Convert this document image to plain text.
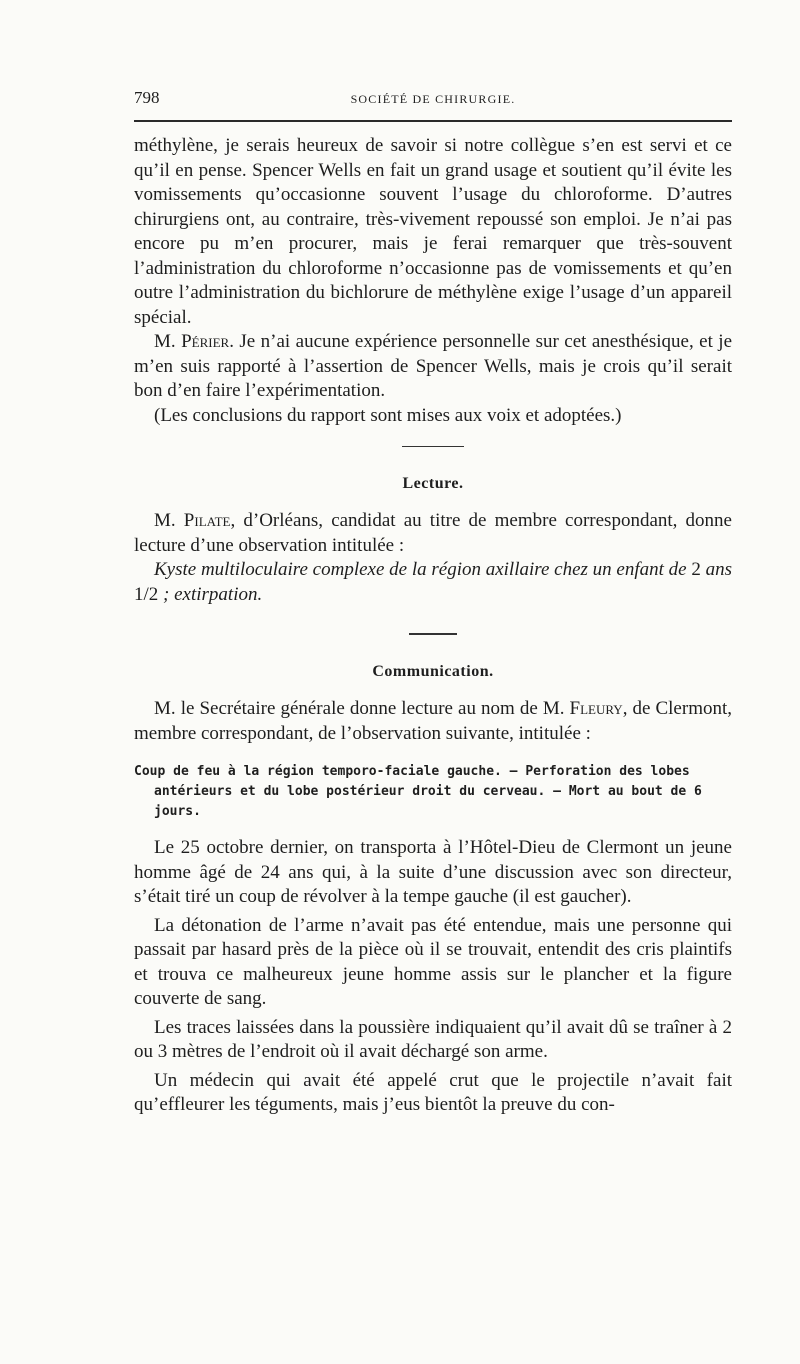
798	SOCIÉTÉ DE CHIRURGIE.

méthylène, je serais heureux de savoir si notre collègue s’en est servi et ce qu’il en pense. Spencer Wells en fait un grand usage et soutient qu’il évite les vomissements qu’occasionne souvent l’usage du chloroforme. D’autres chirurgiens ont, au contraire, très-vivement repoussé son emploi. Je n’ai pas encore pu m’en procurer, mais je ferai remarquer que très-souvent l’administration du chloroforme n’occasionne pas de vomissements et qu’en outre l’administration du bichlorure de méthylène exige l’usage d’un appareil spécial.

M. Périer. Je n’ai aucune expérience personnelle sur cet anesthésique, et je m’en suis rapporté à l’assertion de Spencer Wells, mais je crois qu’il serait bon d’en faire l’expérimentation.

(Les conclusions du rapport sont mises aux voix et adoptées.)

Lecture.

M. Pilate, d’Orléans, candidat au titre de membre correspondant, donne lecture d’une observation intitulée :

Kyste multiloculaire complexe de la région axillaire chez un enfant de 2 ans 1/2 ; extirpation.

Communication.

M. le Secrétaire générale donne lecture au nom de M. Fleury, de Clermont, membre correspondant, de l’observation suivante, intitulée :

Coup de feu à la région temporo-faciale gauche. — Perforation des lobes antérieurs et du lobe postérieur droit du cerveau. — Mort au bout de 6 jours.

Le 25 octobre dernier, on transporta à l’Hôtel-Dieu de Clermont un jeune homme âgé de 24 ans qui, à la suite d’une discussion avec son directeur, s’était tiré un coup de révolver à la tempe gauche (il est gaucher).

La détonation de l’arme n’avait pas été entendue, mais une personne qui passait par hasard près de la pièce où il se trouvait, entendit des cris plaintifs et trouva ce malheureux jeune homme assis sur le plancher et la figure couverte de sang.

Les traces laissées dans la poussière indiquaient qu’il avait dû se traîner à 2 ou 3 mètres de l’endroit où il avait déchargé son arme.

Un médecin qui avait été appelé crut que le projectile n’avait fait qu’effleurer les téguments, mais j’eus bientôt la preuve du con-
